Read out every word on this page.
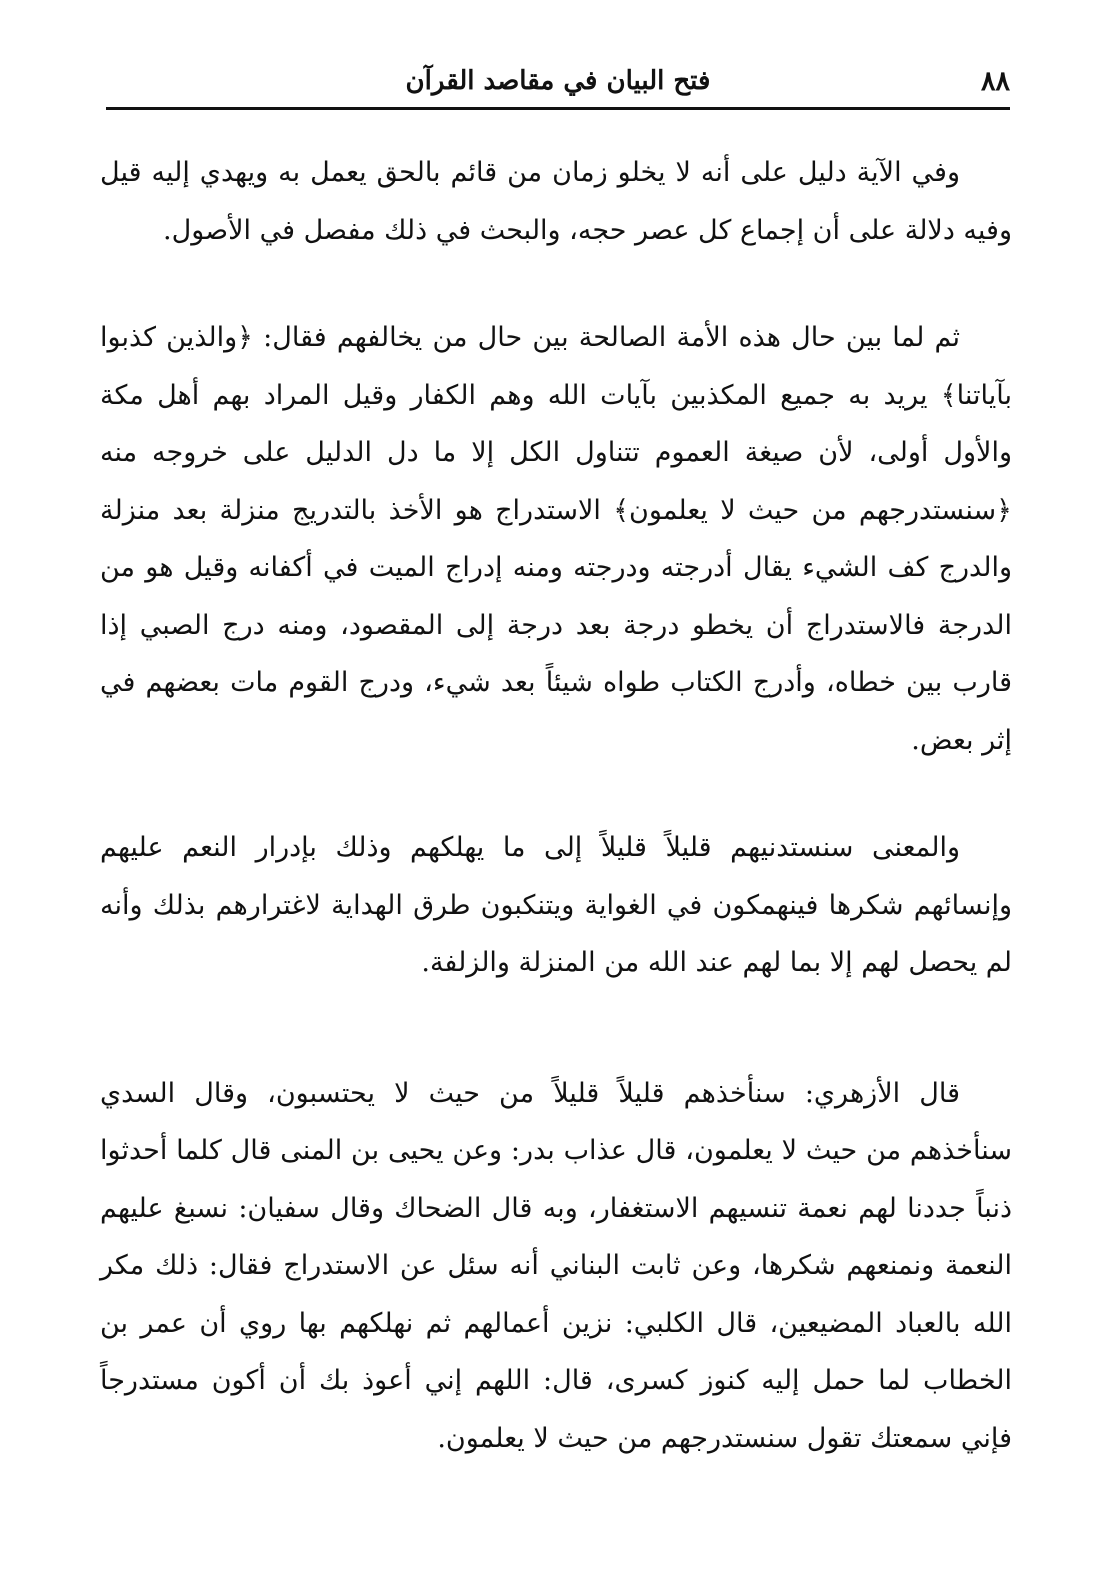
٨٨
فتح البيان في مقاصد القرآن

وفي الآية دليل على أنه لا يخلو زمان من قائم بالحق يعمل به ويهدي إليه قيل وفيه دلالة على أن إجماع كل عصر حجه، والبحث في ذلك مفصل في الأصول.

ثم لما بين حال هذه الأمة الصالحة بين حال من يخالفهم فقال: ﴿والذين كذبوا بآياتنا﴾ يريد به جميع المكذبين بآيات الله وهم الكفار وقيل المراد بهم أهل مكة والأول أولى، لأن صيغة العموم تتناول الكل إلا ما دل الدليل على خروجه منه ﴿سنستدرجهم من حيث لا يعلمون﴾ الاستدراج هو الأخذ بالتدريج منزلة بعد منزلة والدرج كف الشيء يقال أدرجته ودرجته ومنه إدراج الميت في أكفانه وقيل هو من الدرجة فالاستدراج أن يخطو درجة بعد درجة إلى المقصود، ومنه درج الصبي إذا قارب بين خطاه، وأدرج الكتاب طواه شيئاً بعد شيء، ودرج القوم مات بعضهم في إثر بعض.

والمعنى سنستدنيهم قليلاً قليلاً إلى ما يهلكهم وذلك بإدرار النعم عليهم وإنسائهم شكرها فينهمكون في الغواية ويتنكبون طرق الهداية لاغترارهم بذلك وأنه لم يحصل لهم إلا بما لهم عند الله من المنزلة والزلفة.

قال الأزهري: سنأخذهم قليلاً قليلاً من حيث لا يحتسبون، وقال السدي سنأخذهم من حيث لا يعلمون، قال عذاب بدر: وعن يحيى بن المنى قال كلما أحدثوا ذنباً جددنا لهم نعمة تنسيهم الاستغفار، وبه قال الضحاك وقال سفيان: نسبغ عليهم النعمة ونمنعهم شكرها، وعن ثابت البناني أنه سئل عن الاستدراج فقال: ذلك مكر الله بالعباد المضيعين، قال الكلبي: نزين أعمالهم ثم نهلكهم بها روي أن عمر بن الخطاب لما حمل إليه كنوز كسرى، قال: اللهم إني أعوذ بك أن أكون مستدرجاً فإني سمعتك تقول سنستدرجهم من حيث لا يعلمون.
